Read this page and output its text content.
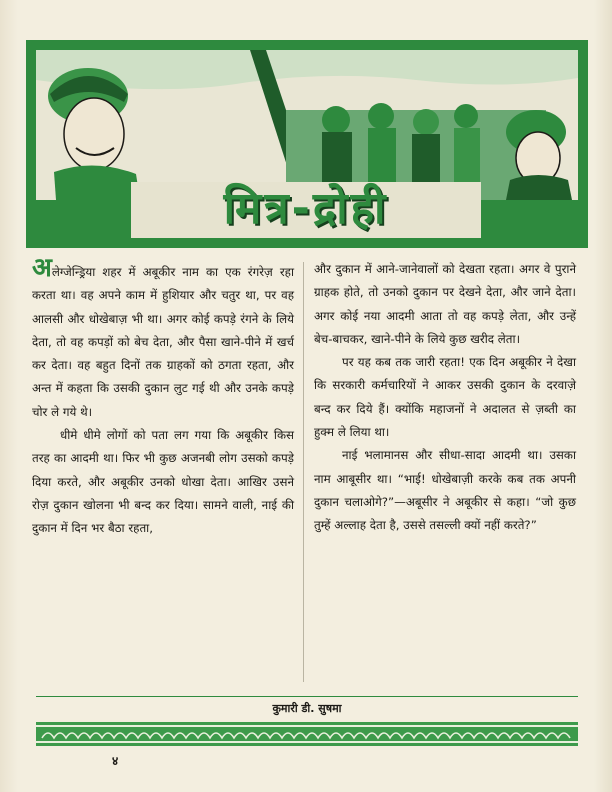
मित्र-द्रोही

अलेग्जेन्ड्रिया शहर में अबूकीर नाम का एक रंगरेज़ रहा करता था। वह अपने काम में हुशियार और चतुर था, पर वह आलसी और धोखेबाज़ भी था। अगर कोई कपड़े रंगने के लिये देता, तो वह कपड़ों को बेच देता, और पैसा खाने-पीने में खर्च कर देता। वह बहुत दिनों तक ग्राहकों को ठगता रहता, और अन्त में कहता कि उसकी दुकान लुट गई थी और उनके कपड़े चोर ले गये थे।

धीमे धीमे लोगों को पता लग गया कि अबूकीर किस तरह का आदमी था। फिर भी कुछ अजनबी लोग उसको कपड़े दिया करते, और अबूकीर उनको धोखा देता। आखिर उसने रोज़ दुकान खोलना भी बन्द कर दिया। सामने वाली, नाई की दुकान में दिन भर बैठा रहता,

और दुकान में आने-जानेवालों को देखता रहता। अगर वे पुराने ग्राहक होते, तो उनको दुकान पर देखने देता, और जाने देता। अगर कोई नया आदमी आता तो वह कपड़े लेता, और उन्हें बेच-बाचकर, खाने-पीने के लिये कुछ खरीद लेता।

पर यह कब तक जारी रहता! एक दिन अबूकीर ने देखा कि सरकारी कर्मचारियों ने आकर उसकी दुकान के दरवाज़े बन्द कर दिये हैं। क्योंकि महाजनों ने अदालत से ज़ब्ती का हुक्म ले लिया था।

नाई भलामानस और सीधा-सादा आदमी था। उसका नाम आबूसीर था। “भाई! धोखेबाज़ी करके कब तक अपनी दुकान चलाओगे?”—अबूसीर ने अबूकीर से कहा। “जो कुछ तुम्हें अल्लाह देता है, उससे तसल्ली क्यों नहीं करते?”

कुमारी डी. सुषमा
४
